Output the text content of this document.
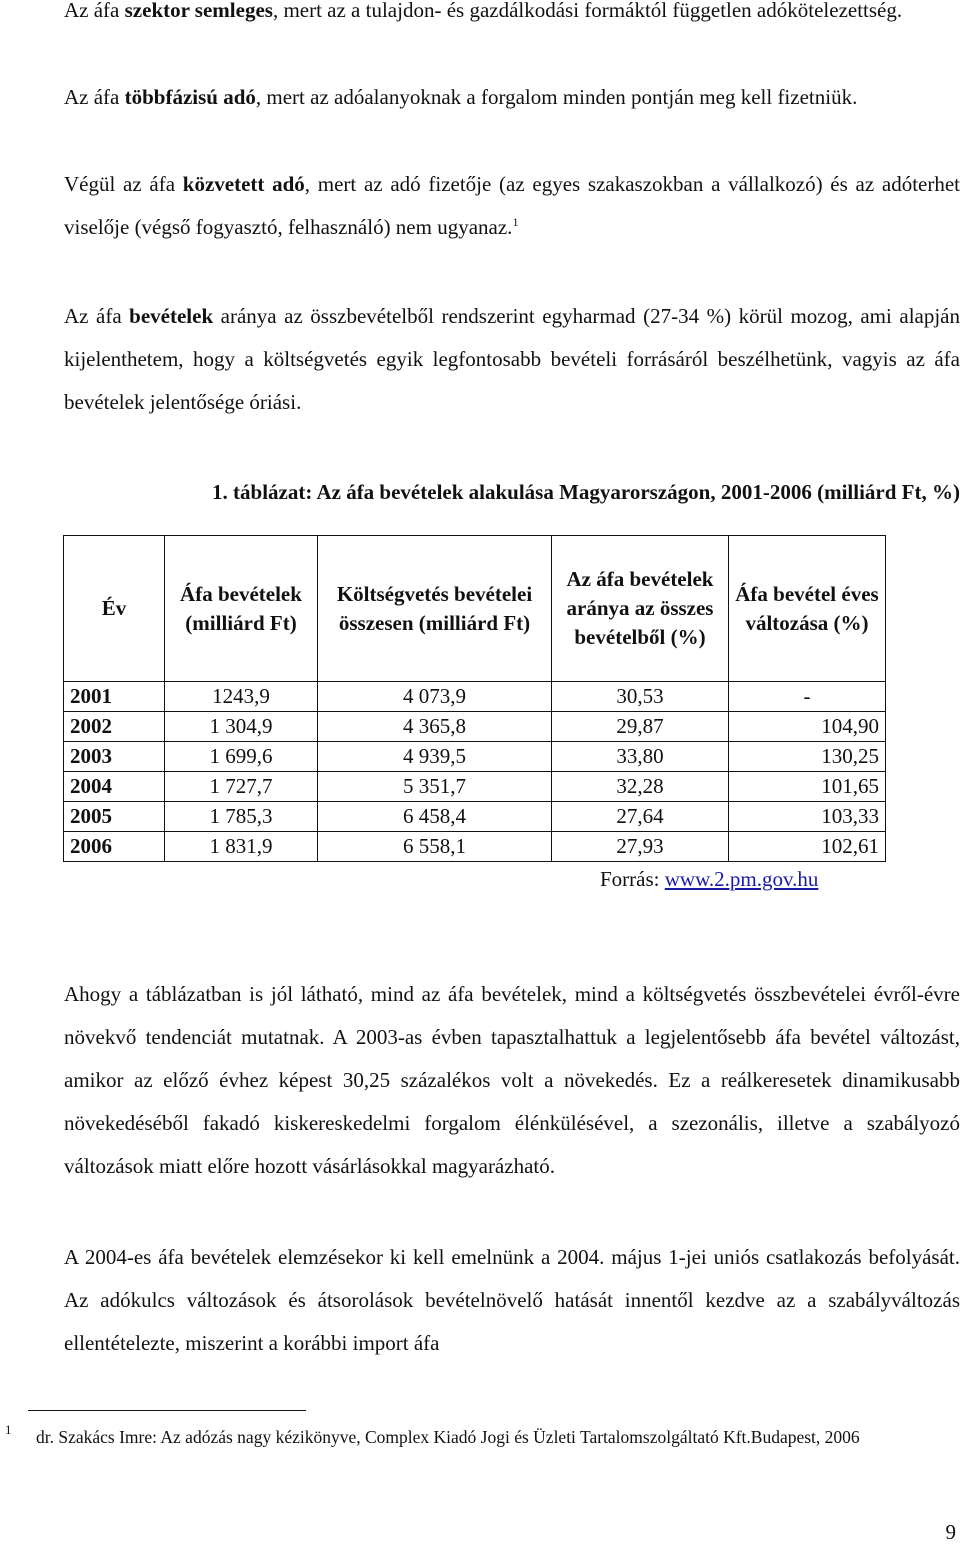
Az áfa szektor semleges, mert az a tulajdon- és gazdálkodási formáktól független adókötelezettség.

Az áfa többfázisú adó, mert az adóalanyoknak a forgalom minden pontján meg kell fizetniük.

Végül az áfa közvetett adó, mert az adó fizetője (az egyes szakaszokban a vállalkozó) és az adóterhet viselője (végső fogyasztó, felhasználó) nem ugyanaz.$^1$

Az áfa bevételek aránya az összbevételből rendszerint egyharmad (27-34 %) körül mozog, ami alapján kijelenthetem, hogy a költségvetés egyik legfontosabb bevételi forrásáról beszélhetünk, vagyis az áfa bevételek jelentősége óriási.

1. táblázat: Az áfa bevételek alakulása Magyarországon, 2001-2006 (milliárd Ft, %)
Év	Áfa bevételek (milliárd Ft)	Költségvetés bevételei összesen (milliárd Ft)	Az áfa bevételek aránya az összes bevételből (%)	Áfa bevétel éves változása (%)
2001	1243,9	4 073,9	30,53	-
2002	1 304,9	4 365,8	29,87	104,90
2003	1 699,6	4 939,5	33,80	130,25
2004	1 727,7	5 351,7	32,28	101,65
2005	1 785,3	6 458,4	27,64	103,33
2006	1 831,9	6 558,1	27,93	102,61
Forrás: www.2.pm.gov.hu

Ahogy a táblázatban is jól látható, mind az áfa bevételek, mind a költségvetés összbevételei évről-évre növekvő tendenciát mutatnak. A 2003-as évben tapasztalhattuk a legjelentősebb áfa bevétel változást, amikor az előző évhez képest 30,25 százalékos volt a növekedés. Ez a reálkeresetek dinamikusabb növekedéséből fakadó kiskereskedelmi forgalom élénkülésével, a szezonális, illetve a szabályozó változások miatt előre hozott vásárlásokkal magyarázható.

A 2004-es áfa bevételek elemzésekor ki kell emelnünk a 2004. május 1-jei uniós csatlakozás befolyását. Az adókulcs változások és átsorolások bevételnövelő hatását innentől kezdve az a szabályváltozás ellentételezte, miszerint a korábbi import áfa

1 dr. Szakács Imre: Az adózás nagy kézikönyve, Complex Kiadó Jogi és Üzleti Tartalomszolgáltató Kft.Budapest, 2006
9
